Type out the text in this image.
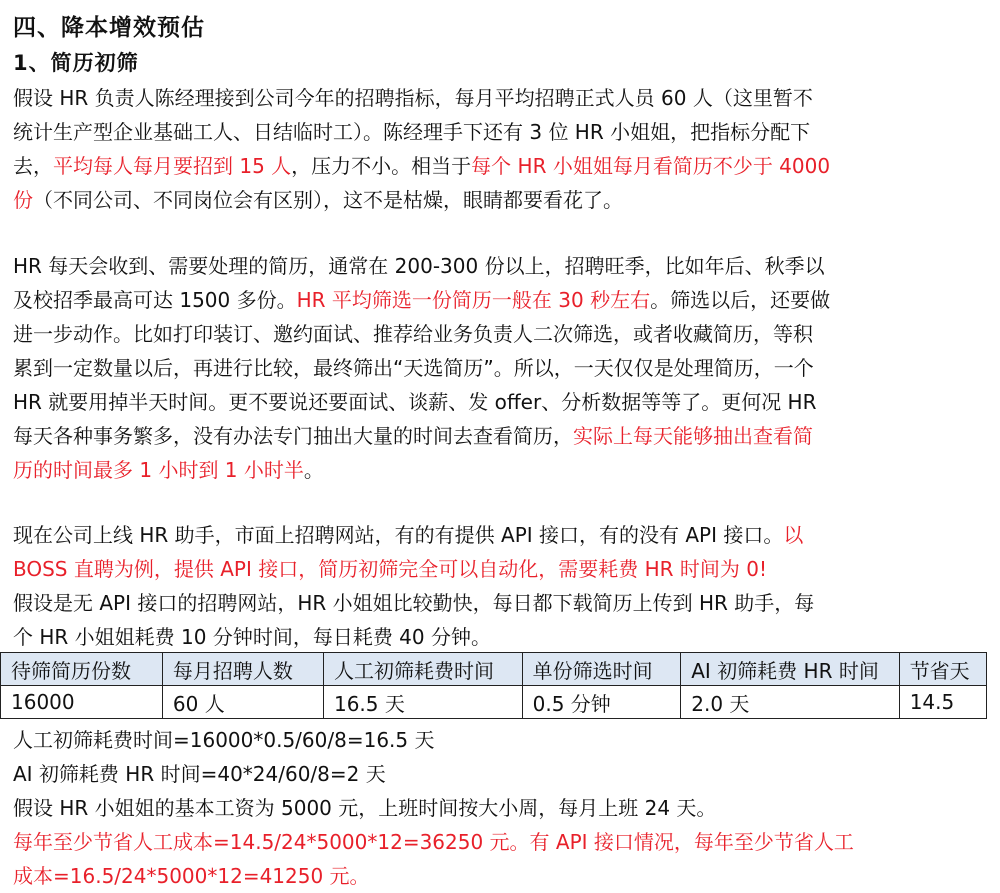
四、降本增效预估
1、简历初筛
假设 HR 负责人陈经理接到公司今年的招聘指标，每月平均招聘正式人员 60 人（这里暂不
统计生产型企业基础工人、日结临时工）。陈经理手下还有 3 位 HR 小姐姐，把指标分配下
去，平均每人每月要招到 15 人，压力不小。相当于每个 HR 小姐姐每月看简历不少于 4000
份（不同公司、不同岗位会有区别），这不是枯燥，眼睛都要看花了。
HR 每天会收到、需要处理的简历，通常在 200-300 份以上，招聘旺季，比如年后、秋季以
及校招季最高可达 1500 多份。HR 平均筛选一份简历一般在 30 秒左右。筛选以后，还要做
进一步动作。比如打印装订、邀约面试、推荐给业务负责人二次筛选，或者收藏简历，等积
累到一定数量以后，再进行比较，最终筛出“天选简历”。所以，一天仅仅是处理简历，一个
HR 就要用掉半天时间。更不要说还要面试、谈薪、发 offer、分析数据等等了。更何况 HR
每天各种事务繁多，没有办法专门抽出大量的时间去查看简历，实际上每天能够抽出查看简
历的时间最多 1 小时到 1 小时半。
现在公司上线 HR 助手，市面上招聘网站，有的有提供 API 接口，有的没有 API 接口。以
BOSS 直聘为例，提供 API 接口，简历初筛完全可以自动化，需要耗费 HR 时间为 0!
假设是无 API 接口的招聘网站，HR 小姐姐比较勤快，每日都下载简历上传到 HR 助手，每
个 HR 小姐姐耗费 10 分钟时间，每日耗费 40 分钟。
待筛简历份数	每月招聘人数	人工初筛耗费时间	单份筛选时间	AI 初筛耗费 HR 时间	节省天
16000	60 人	16.5 天	0.5 分钟	2.0 天	14.5
人工初筛耗费时间=16000*0.5/60/8=16.5 天
AI 初筛耗费 HR 时间=40*24/60/8=2 天
假设 HR 小姐姐的基本工资为 5000 元，上班时间按大小周，每月上班 24 天。
每年至少节省人工成本=14.5/24*5000*12=36250 元。有 API 接口情况，每年至少节省人工
成本=16.5/24*5000*12=41250 元。
